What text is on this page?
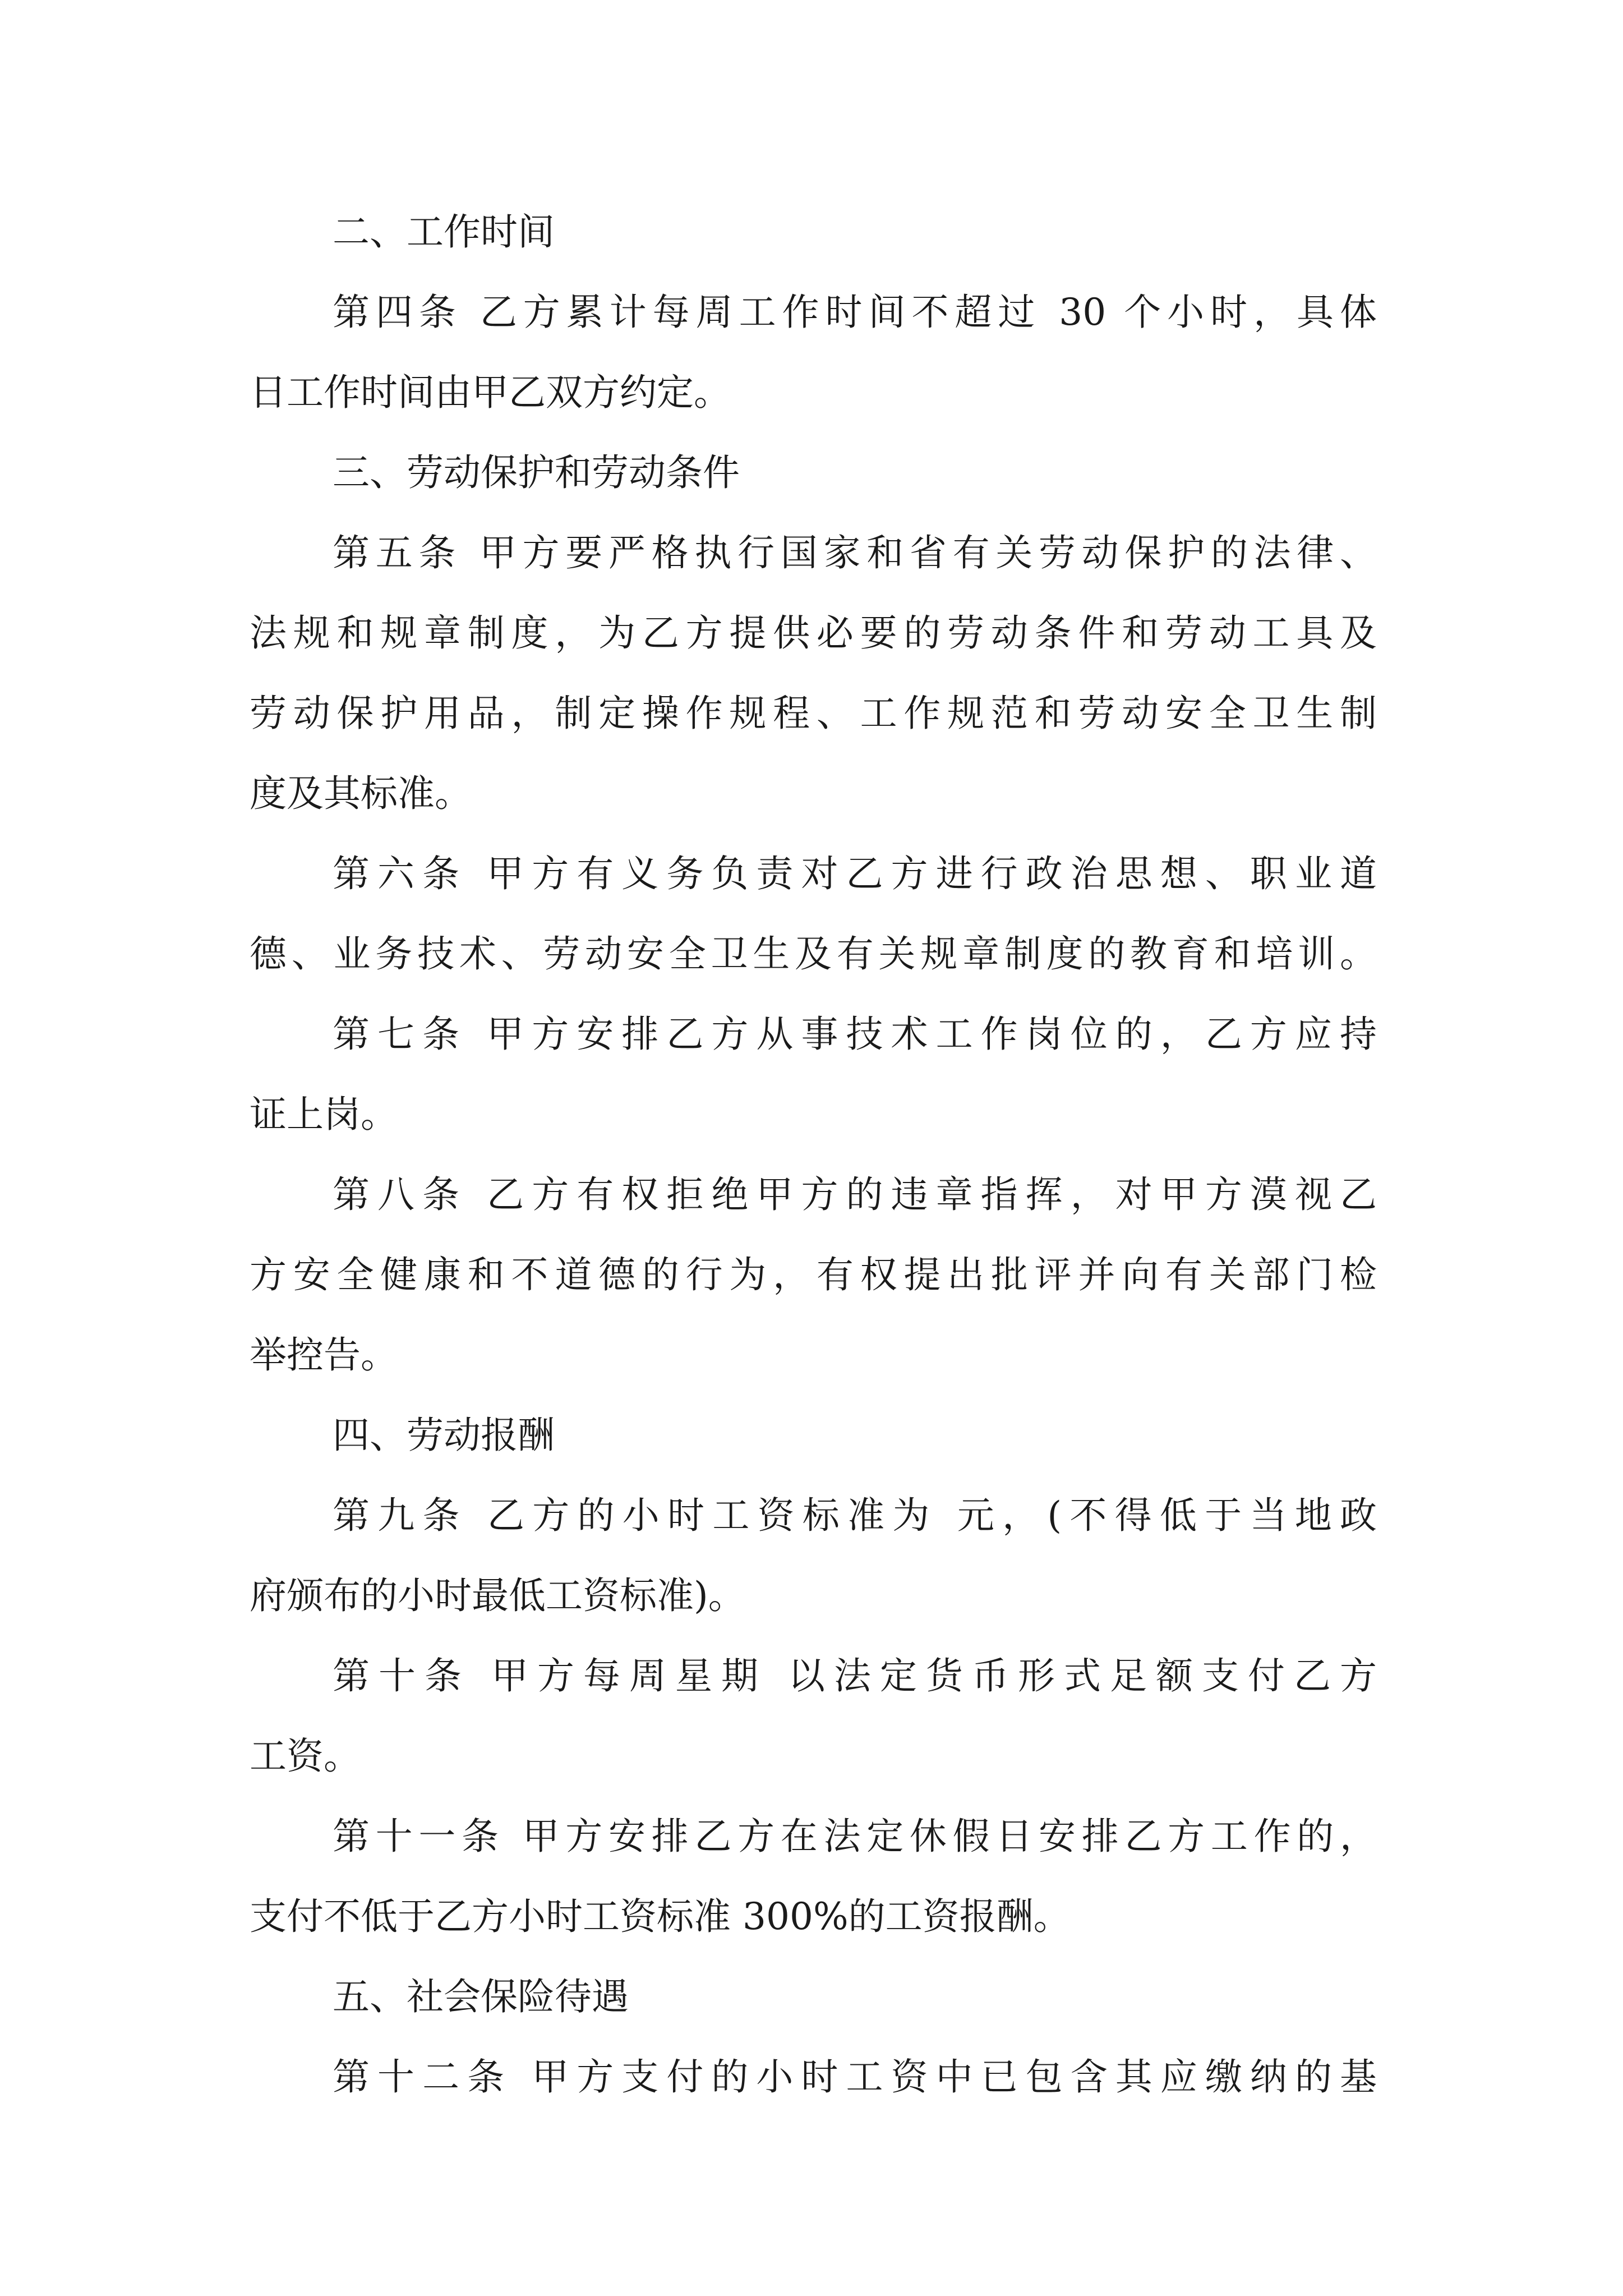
二、工作时间
第四条 乙方累计每周工作时间不超过 30 个小时，具体
日工作时间由甲乙双方约定。
三、劳动保护和劳动条件
第五条 甲方要严格执行国家和省有关劳动保护的法律、
法规和规章制度，为乙方提供必要的劳动条件和劳动工具及
劳动保护用品，制定操作规程、工作规范和劳动安全卫生制
度及其标准。
第六条 甲方有义务负责对乙方进行政治思想、职业道
德、业务技术、劳动安全卫生及有关规章制度的教育和培训。
第七条 甲方安排乙方从事技术工作岗位的，乙方应持
证上岗。
第八条 乙方有权拒绝甲方的违章指挥，对甲方漠视乙
方安全健康和不道德的行为，有权提出批评并向有关部门检
举控告。
四、劳动报酬
第九条 乙方的小时工资标准为 元，(不得低于当地政
府颁布的小时最低工资标准)。
第十条 甲方每周星期 以法定货币形式足额支付乙方
工资。
第十一条 甲方安排乙方在法定休假日安排乙方工作的，
支付不低于乙方小时工资标准 300%的工资报酬。
五、社会保险待遇
第十二条 甲方支付的小时工资中已包含其应缴纳的基
